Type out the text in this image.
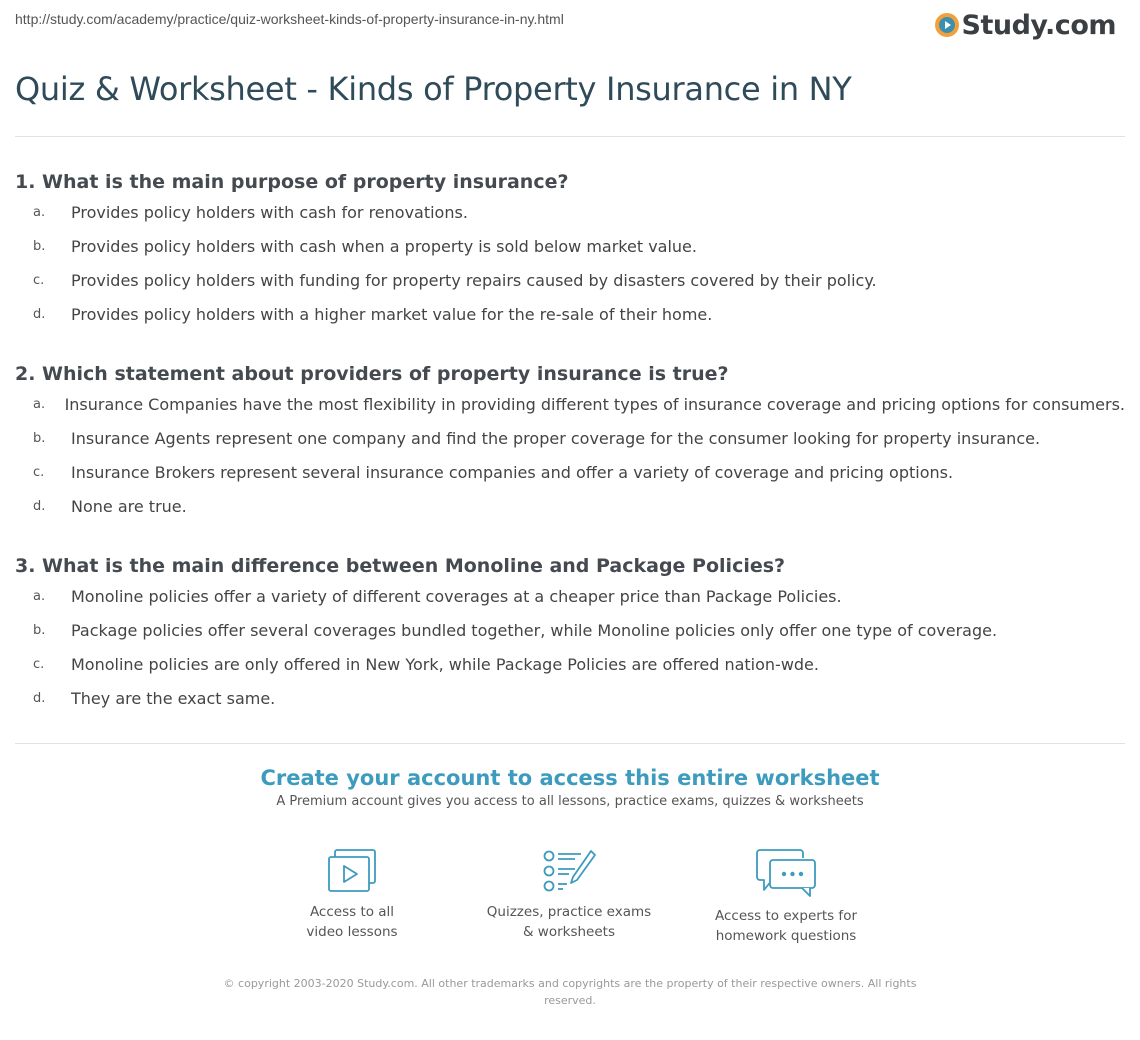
http://study.com/academy/practice/quiz-worksheet-kinds-of-property-insurance-in-ny.html	Study.com
Quiz & Worksheet - Kinds of Property Insurance in NY
1. What is the main purpose of property insurance?
a.	Provides policy holders with cash for renovations.
b.	Provides policy holders with cash when a property is sold below market value.
c.	Provides policy holders with funding for property repairs caused by disasters covered by their policy.
d.	Provides policy holders with a higher market value for the re-sale of their home.
2. Which statement about providers of property insurance is true?
a.	Insurance Companies have the most flexibility in providing different types of insurance coverage and pricing options for consumers.
b.	Insurance Agents represent one company and find the proper coverage for the consumer looking for property insurance.
c.	Insurance Brokers represent several insurance companies and offer a variety of coverage and pricing options.
d.	None are true.
3. What is the main difference between Monoline and Package Policies?
a.	Monoline policies offer a variety of different coverages at a cheaper price than Package Policies.
b.	Package policies offer several coverages bundled together, while Monoline policies only offer one type of coverage.
c.	Monoline policies are only offered in New York, while Package Policies are offered nation-wde.
d.	They are the exact same.
Create your account to access this entire worksheet
A Premium account gives you access to all lessons, practice exams, quizzes & worksheets
Access to all
video lessons
Quizzes, practice exams
& worksheets
Access to experts for
homework questions
© copyright 2003-2020 Study.com. All other trademarks and copyrights are the property of their respective owners. All rights
reserved.
